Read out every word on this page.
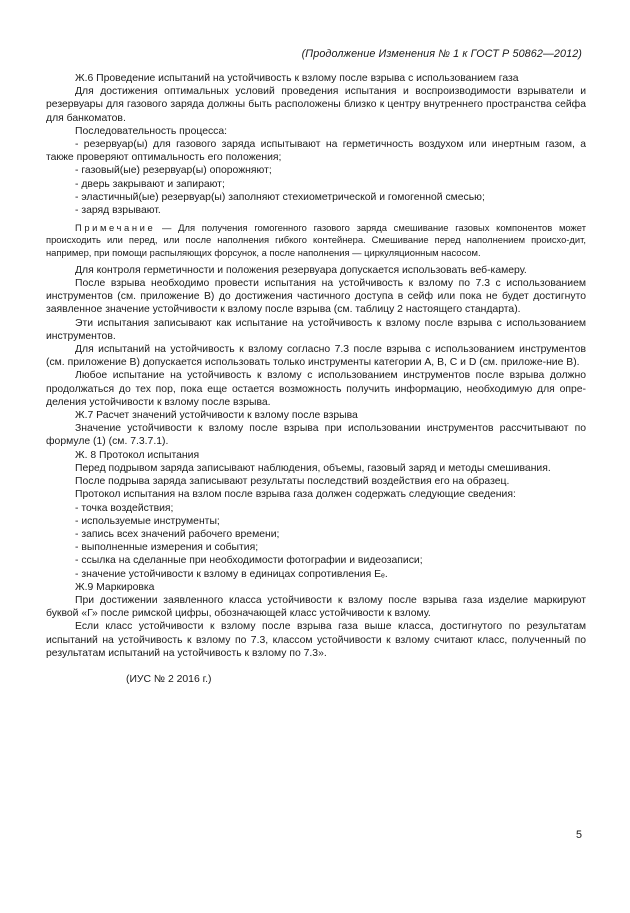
(Продолжение Изменения № 1 к ГОСТ Р 50862—2012)

Ж.6 Проведение испытаний на устойчивость к взлому после взрыва с использованием газа

Для достижения оптимальных условий проведения испытания и воспроизводимости взрыватели и резервуары для газового заряда должны быть расположены близко к центру внутреннего пространства сейфа для банкоматов.

Последовательность процесса:

- резервуар(ы) для газового заряда испытывают на герметичность воздухом или инертным газом, а также проверяют оптимальность его положения;

- газовый(ые) резервуар(ы) опорожняют;

- дверь закрывают и запирают;

- эластичный(ые) резервуар(ы) заполняют стехиометрической и гомогенной смесью;

- заряд взрывают.

Примечание — Для получения гомогенного газового заряда смешивание газовых компонентов может происходить или перед, или после наполнения гибкого контейнера. Смешивание перед наполнением происхо-дит, например, при помощи распыляющих форсунок, а после наполнения — циркуляционным насосом.

Для контроля герметичности и положения резервуара допускается использовать веб-камеру.

После взрыва необходимо провести испытания на устойчивость к взлому по 7.3 с использованием инструментов (см. приложение В) до достижения частичного доступа в сейф или пока не будет достигнуто заявленное значение устойчивости к взлому после взрыва (см. таблицу 2 настоящего стандарта).

Эти испытания записывают как испытание на устойчивость к взлому после взрыва с использованием инструментов.

Для испытаний на устойчивость к взлому согласно 7.3 после взрыва с использованием инструментов (см. приложение В) допускается использовать только инструменты категории A, B, C и D (см. приложе-ние В).

Любое испытание на устойчивость к взлому с использованием инструментов после взрыва должно продолжаться до тех пор, пока еще остается возможность получить информацию, необходимую для опре-деления устойчивости к взлому после взрыва.

Ж.7 Расчет значений устойчивости к взлому после взрыва

Значение устойчивости к взлому после взрыва при использовании инструментов рассчитывают по формуле (1) (см. 7.3.7.1).

Ж. 8 Протокол испытания

Перед подрывом заряда записывают наблюдения, объемы, газовый заряд и методы смешивания.

После подрыва заряда записывают результаты последствий воздействия его на образец.

Протокол испытания на взлом после взрыва газа должен содержать следующие сведения:

- точка воздействия;

- используемые инструменты;

- запись всех значений рабочего времени;

- выполненные измерения и события;

- ссылка на сделанные при необходимости фотографии и видеозаписи;

- значение устойчивости к взлому в единицах сопротивления Eₑ.

Ж.9 Маркировка

При достижении заявленного класса устойчивости к взлому после взрыва газа изделие маркируют буквой «Г» после римской цифры, обозначающей класс устойчивости к взлому.

Если класс устойчивости к взлому после взрыва газа выше класса, достигнутого по результатам испытаний на устойчивость к взлому по 7.3, классом устойчивости к взлому считают класс, полученный по результатам испытаний на устойчивость к взлому по 7.3».

(ИУС № 2 2016 г.)

5
